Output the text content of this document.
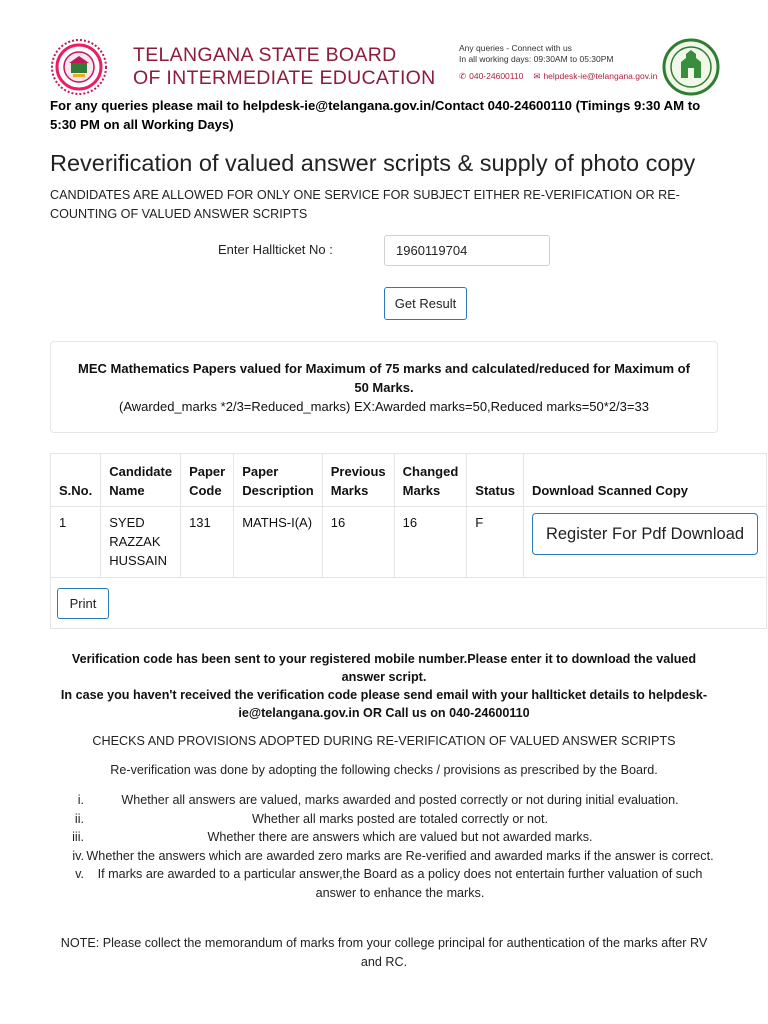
TELANGANA STATE BOARD
OF INTERMEDIATE EDUCATION
Any queries - Connect with us
In all working days: 09:30AM to 05:30PM
✆ 040-24600110 ✉ helpdesk-ie@telangana.gov.in
For any queries please mail to helpdesk-ie@telangana.gov.in/Contact 040-24600110 (Timings 9:30 AM to 5:30 PM on all Working Days)
Reverification of valued answer scripts & supply of photo copy
CANDIDATES ARE ALLOWED FOR ONLY ONE SERVICE FOR SUBJECT EITHER RE-VERIFICATION OR RE-COUNTING OF VALUED ANSWER SCRIPTS
Enter Hallticket No :
1960119704
Get Result
MEC Mathematics Papers valued for Maximum of 75 marks and calculated/reduced for Maximum of 50 Marks.
(Awarded_marks *2/3=Reduced_marks) EX:Awarded marks=50,Reduced marks=50*2/3=33
S.No.	Candidate Name	Paper Code	Paper Description	Previous Marks	Changed Marks	Status	Download Scanned Copy
1	SYED RAZZAK HUSSAIN	131	MATHS-I(A)	16	16	F	Register For Pdf Download
Print							
Verification code has been sent to your registered mobile number.Please enter it to download the valued answer script.
In case you haven't received the verification code please send email with your hallticket details to helpdesk-ie@telangana.gov.in OR Call us on 040-24600110
CHECKS AND PROVISIONS ADOPTED DURING RE-VERIFICATION OF VALUED ANSWER SCRIPTS
Re-verification was done by adopting the following checks / provisions as prescribed by the Board.
i.	Whether all answers are valued, marks awarded and posted correctly or not during initial evaluation.
ii.	Whether all marks posted are totaled correctly or not.
iii.	Whether there are answers which are valued but not awarded marks.
iv. Whether the answers which are awarded zero marks are Re-verified and awarded marks if the answer is correct.
v. If marks are awarded to a particular answer,the Board as a policy does not entertain further valuation of such answer to enhance the marks.
NOTE: Please collect the memorandum of marks from your college principal for authentication of the marks after RV and RC.
